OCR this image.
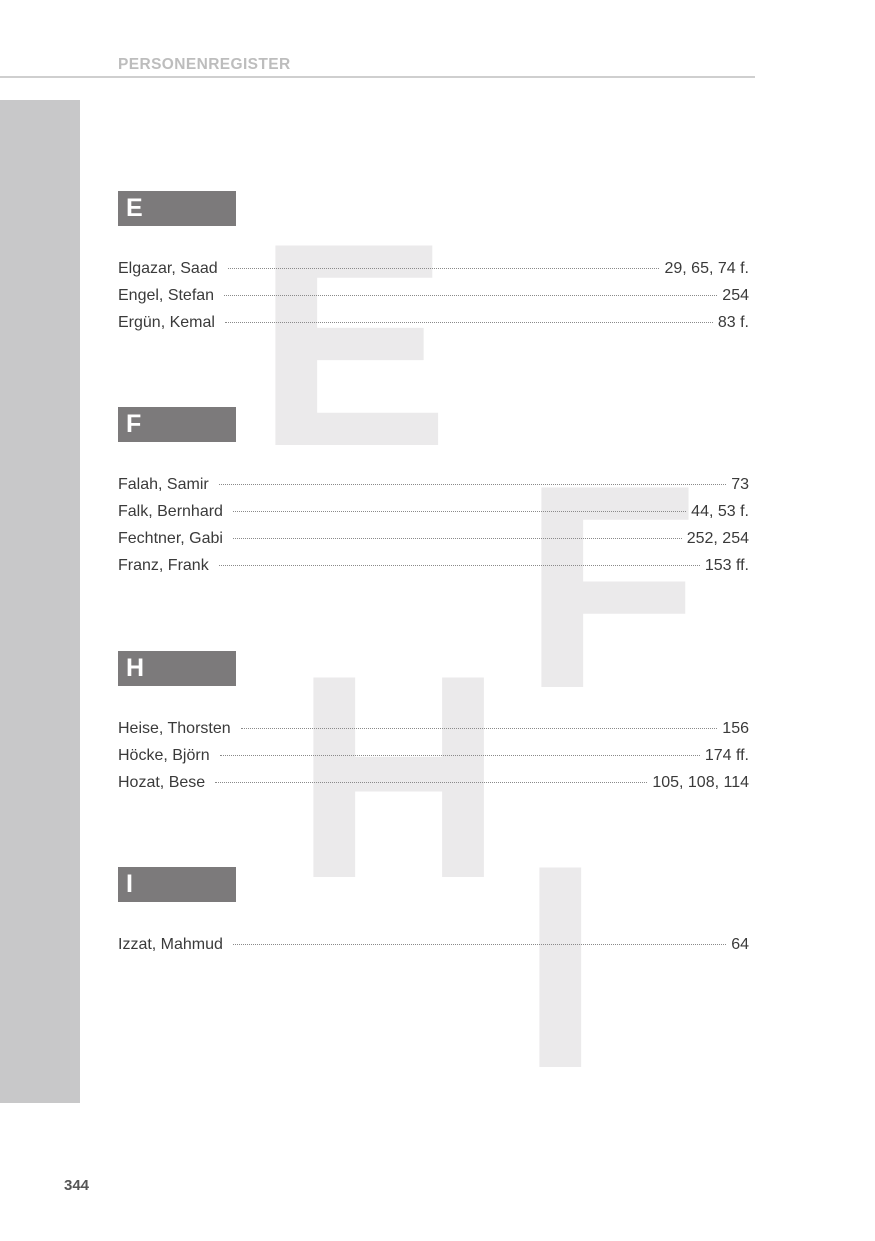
PERSONENREGISTER
E
F
H
I
E
Elgazar, Saad	29, 65, 74 f.
Engel, Stefan	254
Ergün, Kemal	83 f.
F
Falah, Samir	73
Falk, Bernhard	44, 53 f.
Fechtner, Gabi	252, 254
Franz, Frank	153 ff.
H
Heise, Thorsten	156
Höcke, Björn	174 ff.
Hozat, Bese	105, 108, 114
I
Izzat, Mahmud	64
344
